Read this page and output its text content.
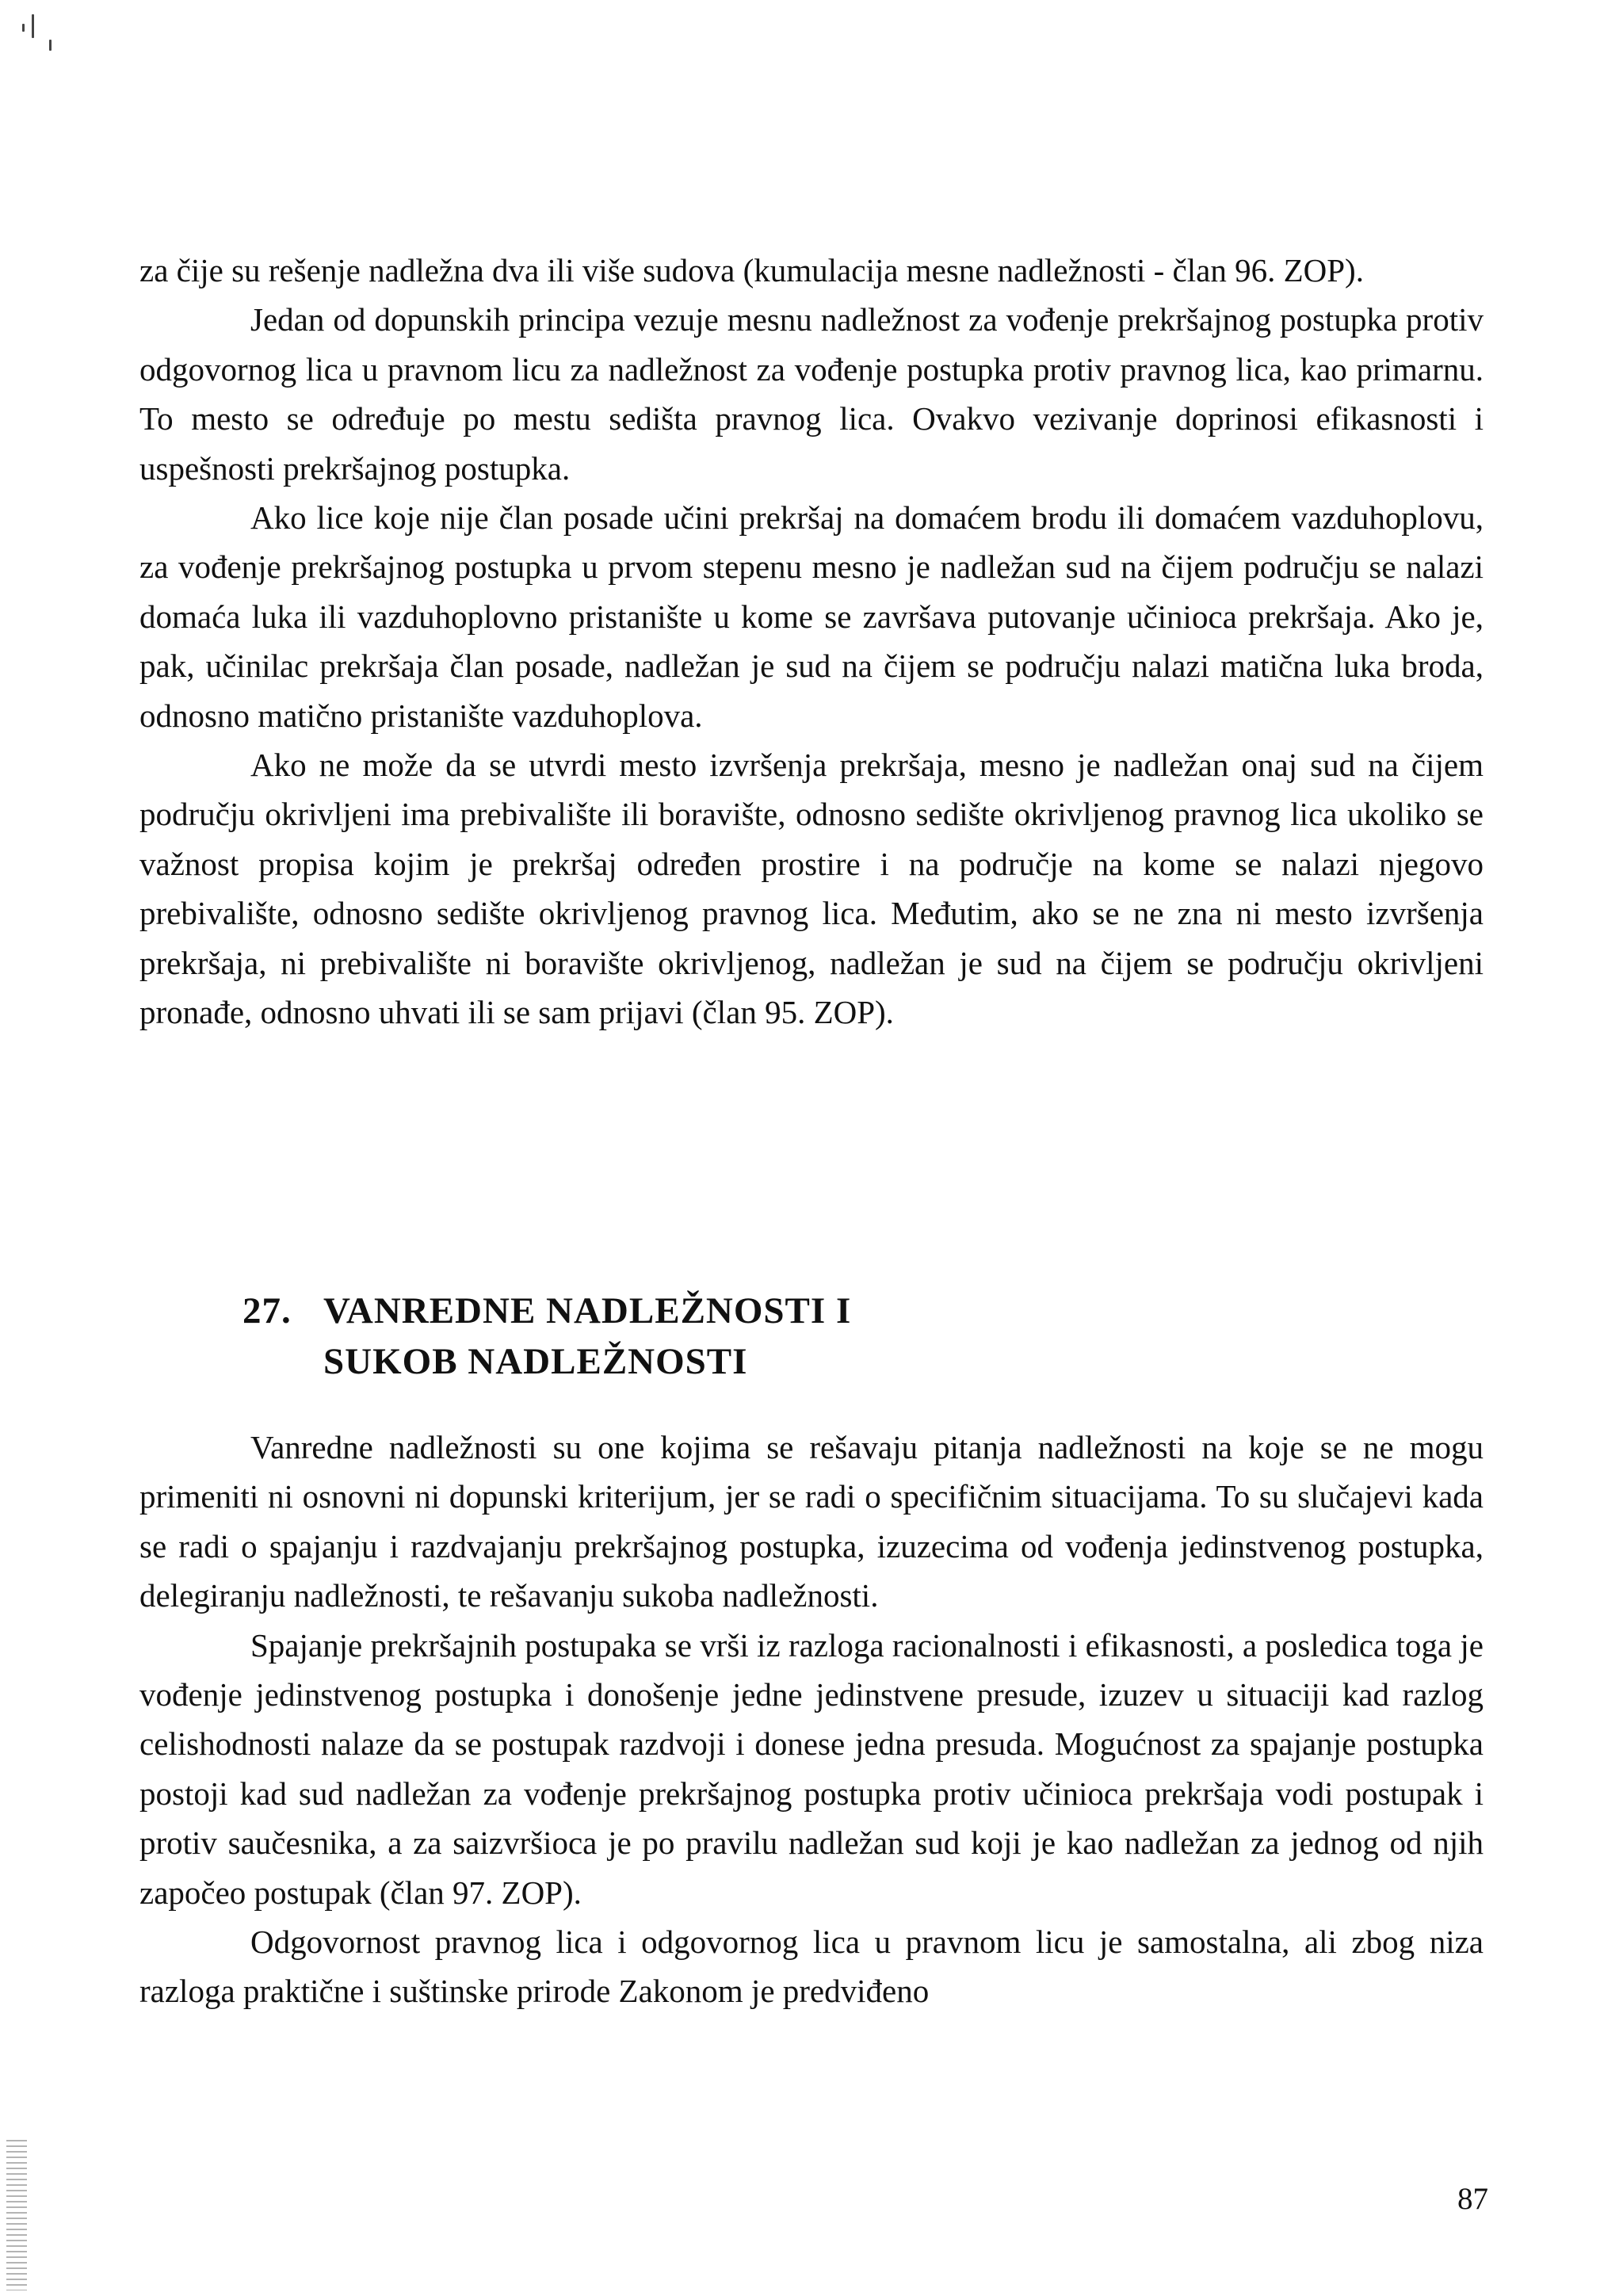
za čije su rešenje nadležna dva ili više sudova (kumulacija mesne nadležnosti - član 96. ZOP).

Jedan od dopunskih principa vezuje mesnu nadležnost za vođenje prekršajnog postupka protiv odgovornog lica u pravnom licu za nadležnost za vođenje postupka protiv pravnog lica, kao primarnu. To mesto se određuje po mestu sedišta pravnog lica. Ovakvo vezivanje doprinosi efikasnosti i uspešnosti prekršajnog postupka.

Ako lice koje nije član posade učini prekršaj na domaćem brodu ili domaćem vazduhoplovu, za vođenje prekršajnog postupka u prvom stepenu mesno je nadležan sud na čijem području se nalazi domaća luka ili vazduhoplovno pristanište u kome se završava putovanje učinioca prekršaja. Ako je, pak, učinilac prekršaja član posade, nadležan je sud na čijem se području nalazi matična luka broda, odnosno matično pristanište vazduhoplova.

Ako ne može da se utvrdi mesto izvršenja prekršaja, mesno je nadležan onaj sud na čijem području okrivljeni ima prebivalište ili boravište, odnosno sedište okrivljenog pravnog lica ukoliko se važnost propisa kojim je prekršaj određen prostire i na područje na kome se nalazi njegovo prebivalište, odnosno sedište okrivljenog pravnog lica. Međutim, ako se ne zna ni mesto izvršenja prekršaja, ni prebivalište ni boravište okrivljenog, nadležan je sud na čijem se području okrivljeni pronađe, odnosno uhvati ili se sam prijavi (član 95. ZOP).

27. VANREDNE NADLEŽNOSTI I
SUKOB NADLEŽNOSTI

Vanredne nadležnosti su one kojima se rešavaju pitanja nadležnosti na koje se ne mogu primeniti ni osnovni ni dopunski kriterijum, jer se radi o specifičnim situacijama. To su slučajevi kada se radi o spajanju i razdvajanju prekršajnog postupka, izuzecima od vođenja jedinstvenog postupka, delegiranju nadležnosti, te rešavanju sukoba nadležnosti.

Spajanje prekršajnih postupaka se vrši iz razloga racionalnosti i efikasnosti, a posledica toga je vođenje jedinstvenog postupka i donošenje jedne jedinstvene presude, izuzev u situaciji kad razlog celishodnosti nalaze da se postupak razdvoji i donese jedna presuda. Mogućnost za spajanje postupka postoji kad sud nadležan za vođenje prekršajnog postupka protiv učinioca prekršaja vodi postupak i protiv saučesnika, a za saizvršioca je po pravilu nadležan sud koji je kao nadležan za jednog od njih započeo postupak (član 97. ZOP).

Odgovornost pravnog lica i odgovornog lica u pravnom licu je samostalna, ali zbog niza razloga praktične i suštinske prirode Zakonom je predviđeno

87
